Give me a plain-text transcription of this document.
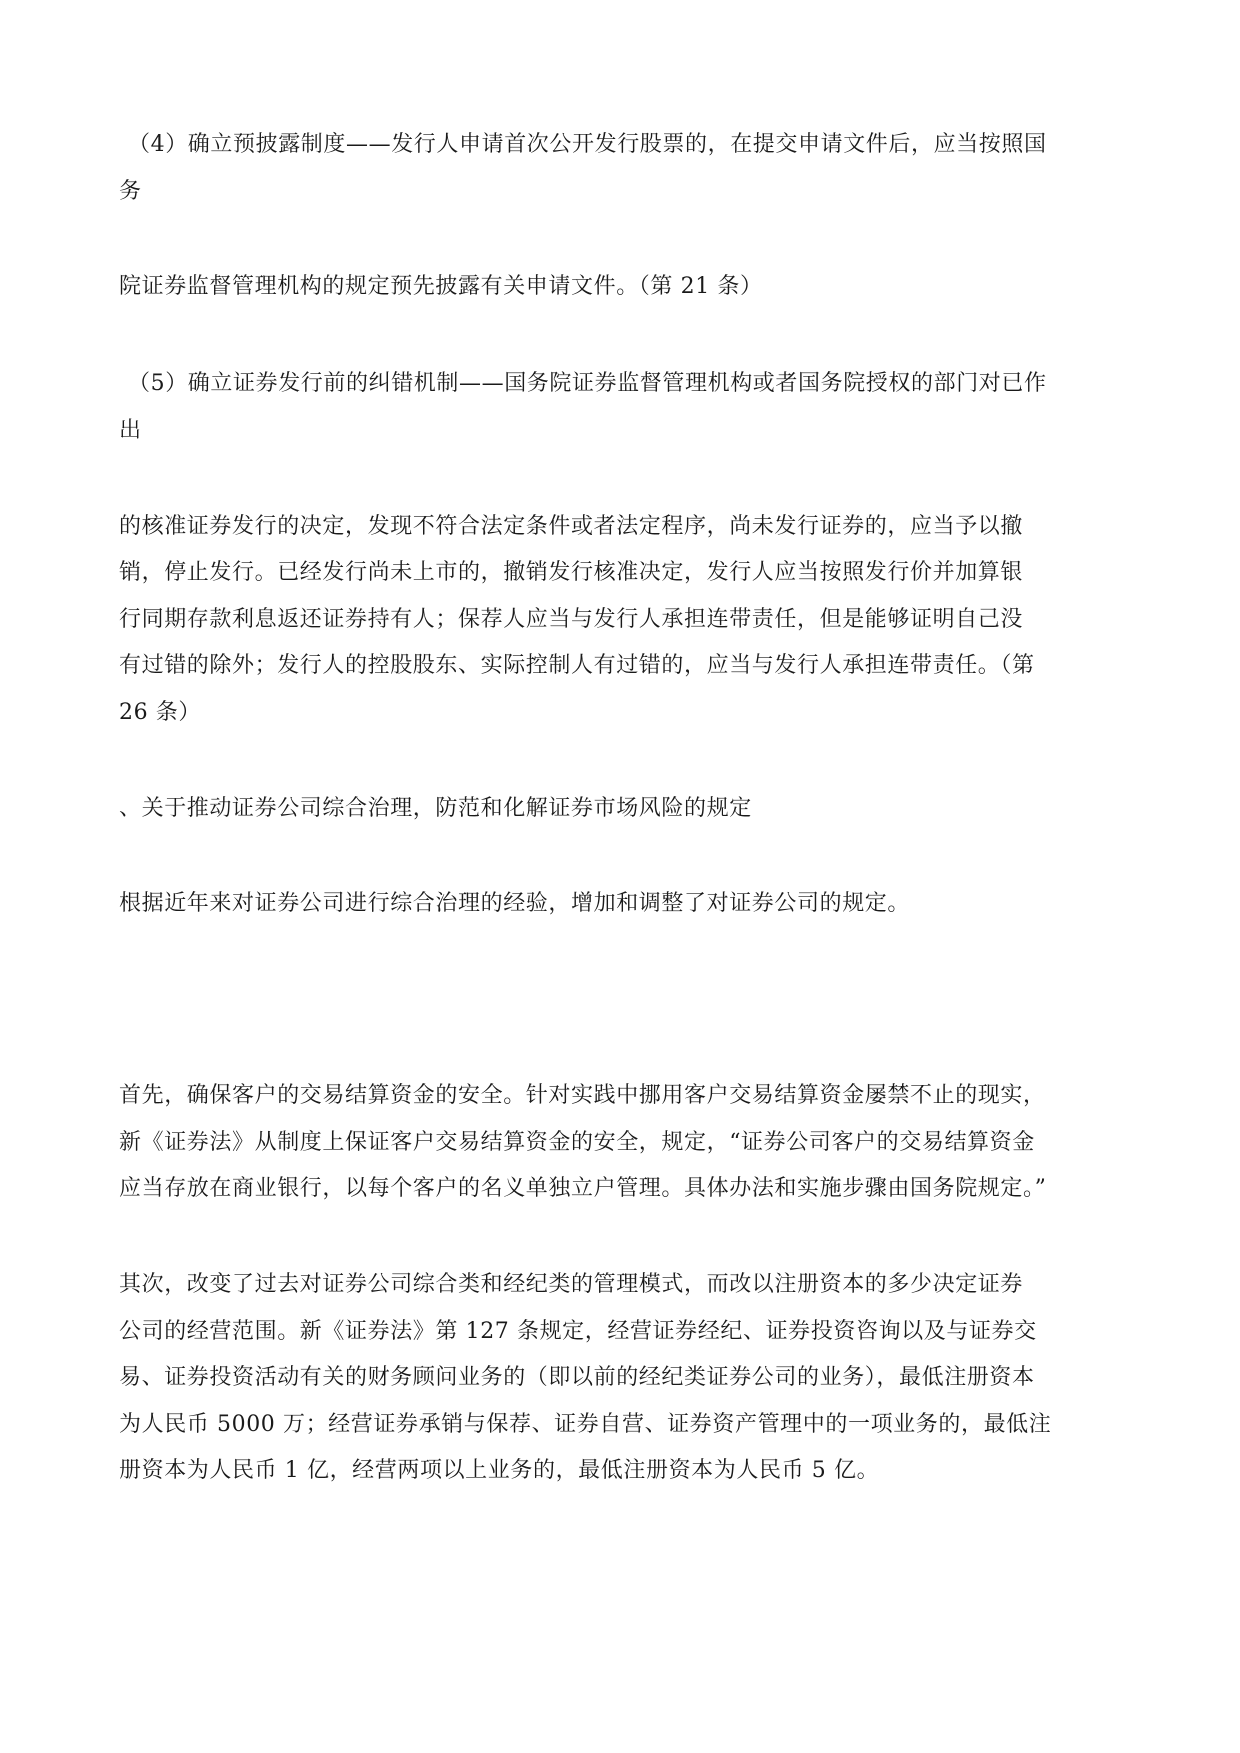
（4）确立预披露制度——发行人申请首次公开发行股票的，在提交申请文件后，应当按照国
务
院证券监督管理机构的规定预先披露有关申请文件。（第 21 条）
（5）确立证券发行前的纠错机制——国务院证券监督管理机构或者国务院授权的部门对已作
出
的核准证券发行的决定，发现不符合法定条件或者法定程序，尚未发行证券的，应当予以撤
销，停止发行。已经发行尚未上市的，撤销发行核准决定，发行人应当按照发行价并加算银
行同期存款利息返还证券持有人；保荐人应当与发行人承担连带责任，但是能够证明自己没
有过错的除外；发行人的控股股东、实际控制人有过错的，应当与发行人承担连带责任。（第
26 条）
、关于推动证券公司综合治理，防范和化解证券市场风险的规定
根据近年来对证券公司进行综合治理的经验，增加和调整了对证券公司的规定。
首先，确保客户的交易结算资金的安全。针对实践中挪用客户交易结算资金屡禁不止的现实，
新《证券法》从制度上保证客户交易结算资金的安全，规定，“证券公司客户的交易结算资金
应当存放在商业银行，以每个客户的名义单独立户管理。具体办法和实施步骤由国务院规定。”
其次，改变了过去对证券公司综合类和经纪类的管理模式，而改以注册资本的多少决定证券
公司的经营范围。新《证券法》第 127 条规定，经营证券经纪、证券投资咨询以及与证券交
易、证券投资活动有关的财务顾问业务的（即以前的经纪类证券公司的业务），最低注册资本
为人民币 5000 万；经营证券承销与保荐、证券自营、证券资产管理中的一项业务的，最低注
册资本为人民币 1 亿，经营两项以上业务的，最低注册资本为人民币 5 亿。
